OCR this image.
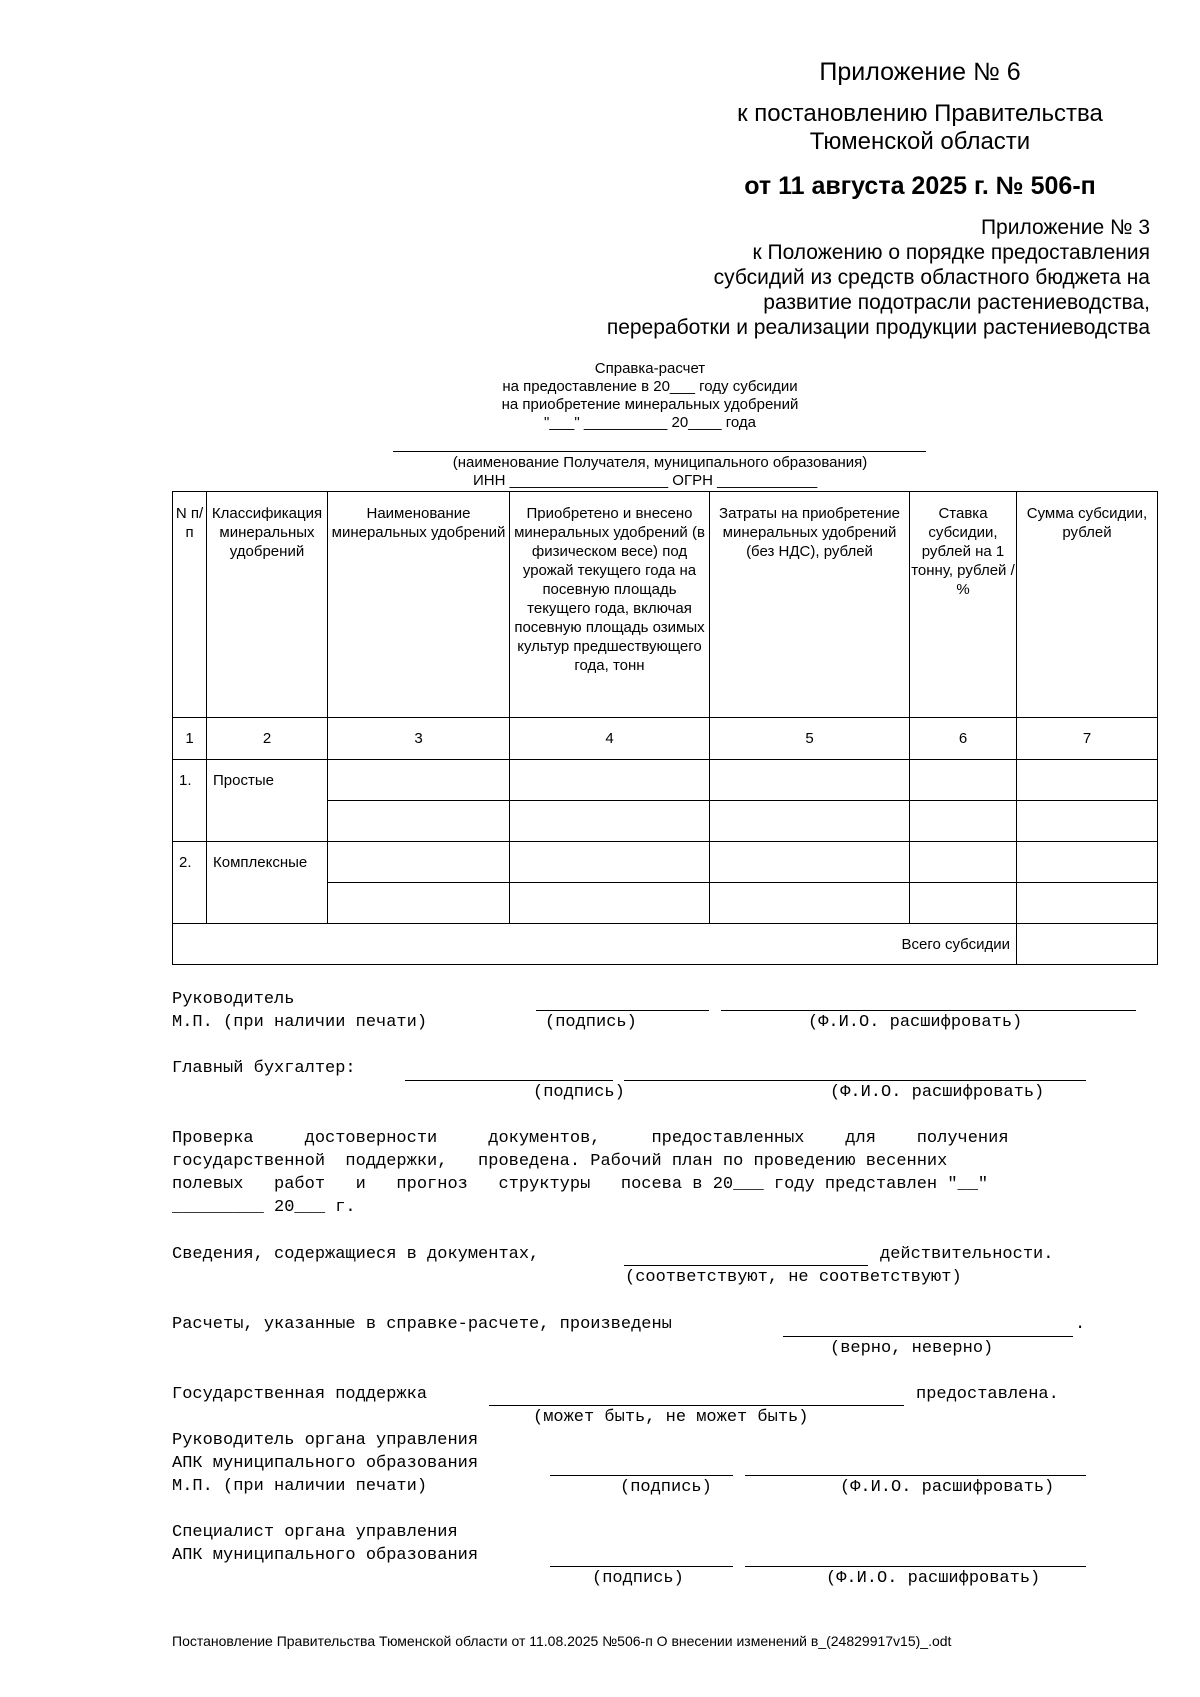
Приложение № 6
к постановлению Правительства
Тюменской области
от 11 августа 2025 г. № 506-п
Приложение № 3
к Положению о порядке предоставления
субсидий из средств областного бюджета на
развитие подотрасли растениеводства,
переработки и реализации продукции растениеводства
Справка-расчет
на предоставление в 20___ году субсидии
на приобретение минеральных удобрений
"___" __________ 20____ года
(наименование Получателя, муниципального образования)
ИНН ___________________ ОГРН ____________
N п/п	Классификация минеральных удобрений	Наименование минеральных удобрений	Приобретено и внесено минеральных удобрений (в физическом весе) под урожай текущего года на посевную площадь текущего года, включая посевную площадь озимых культур предшествующего года, тонн	Затраты на приобретение минеральных удобрений (без НДС), рублей	Ставка субсидии, рублей на 1 тонну, рублей / %	Сумма субсидии, рублей
1	2	3	4	5	6	7
1.	Простые					

2.	Комплексные					

Всего субсидии						
Руководитель
М.П. (при наличии печати)	(подпись)	(Ф.И.О. расшифровать)
Главный бухгалтер:
(подпись)	(Ф.И.О. расшифровать)
Проверка     достоверности     документов,     предоставленных    для    получения
государственной  поддержки,   проведена. Рабочий план по проведению весенних
полевых   работ   и   прогноз   структуры   посева в 20___ году представлен "__"
_________ 20___ г.
Сведения, содержащиеся в документах,	действительности.
(соответствуют, не соответствуют)
Расчеты, указанные в справке-расчете, произведены	.
(верно, неверно)
Государственная поддержка	предоставлена.
(может быть, не может быть)
Руководитель органа управления
АПК муниципального образования
М.П. (при наличии печати)	(подпись)	(Ф.И.О. расшифровать)
Специалист органа управления
АПК муниципального образования
(подпись)	(Ф.И.О. расшифровать)
Постановление Правительства Тюменской области от 11.08.2025 №506-п О внесении изменений в_(24829917v15)_.odt
